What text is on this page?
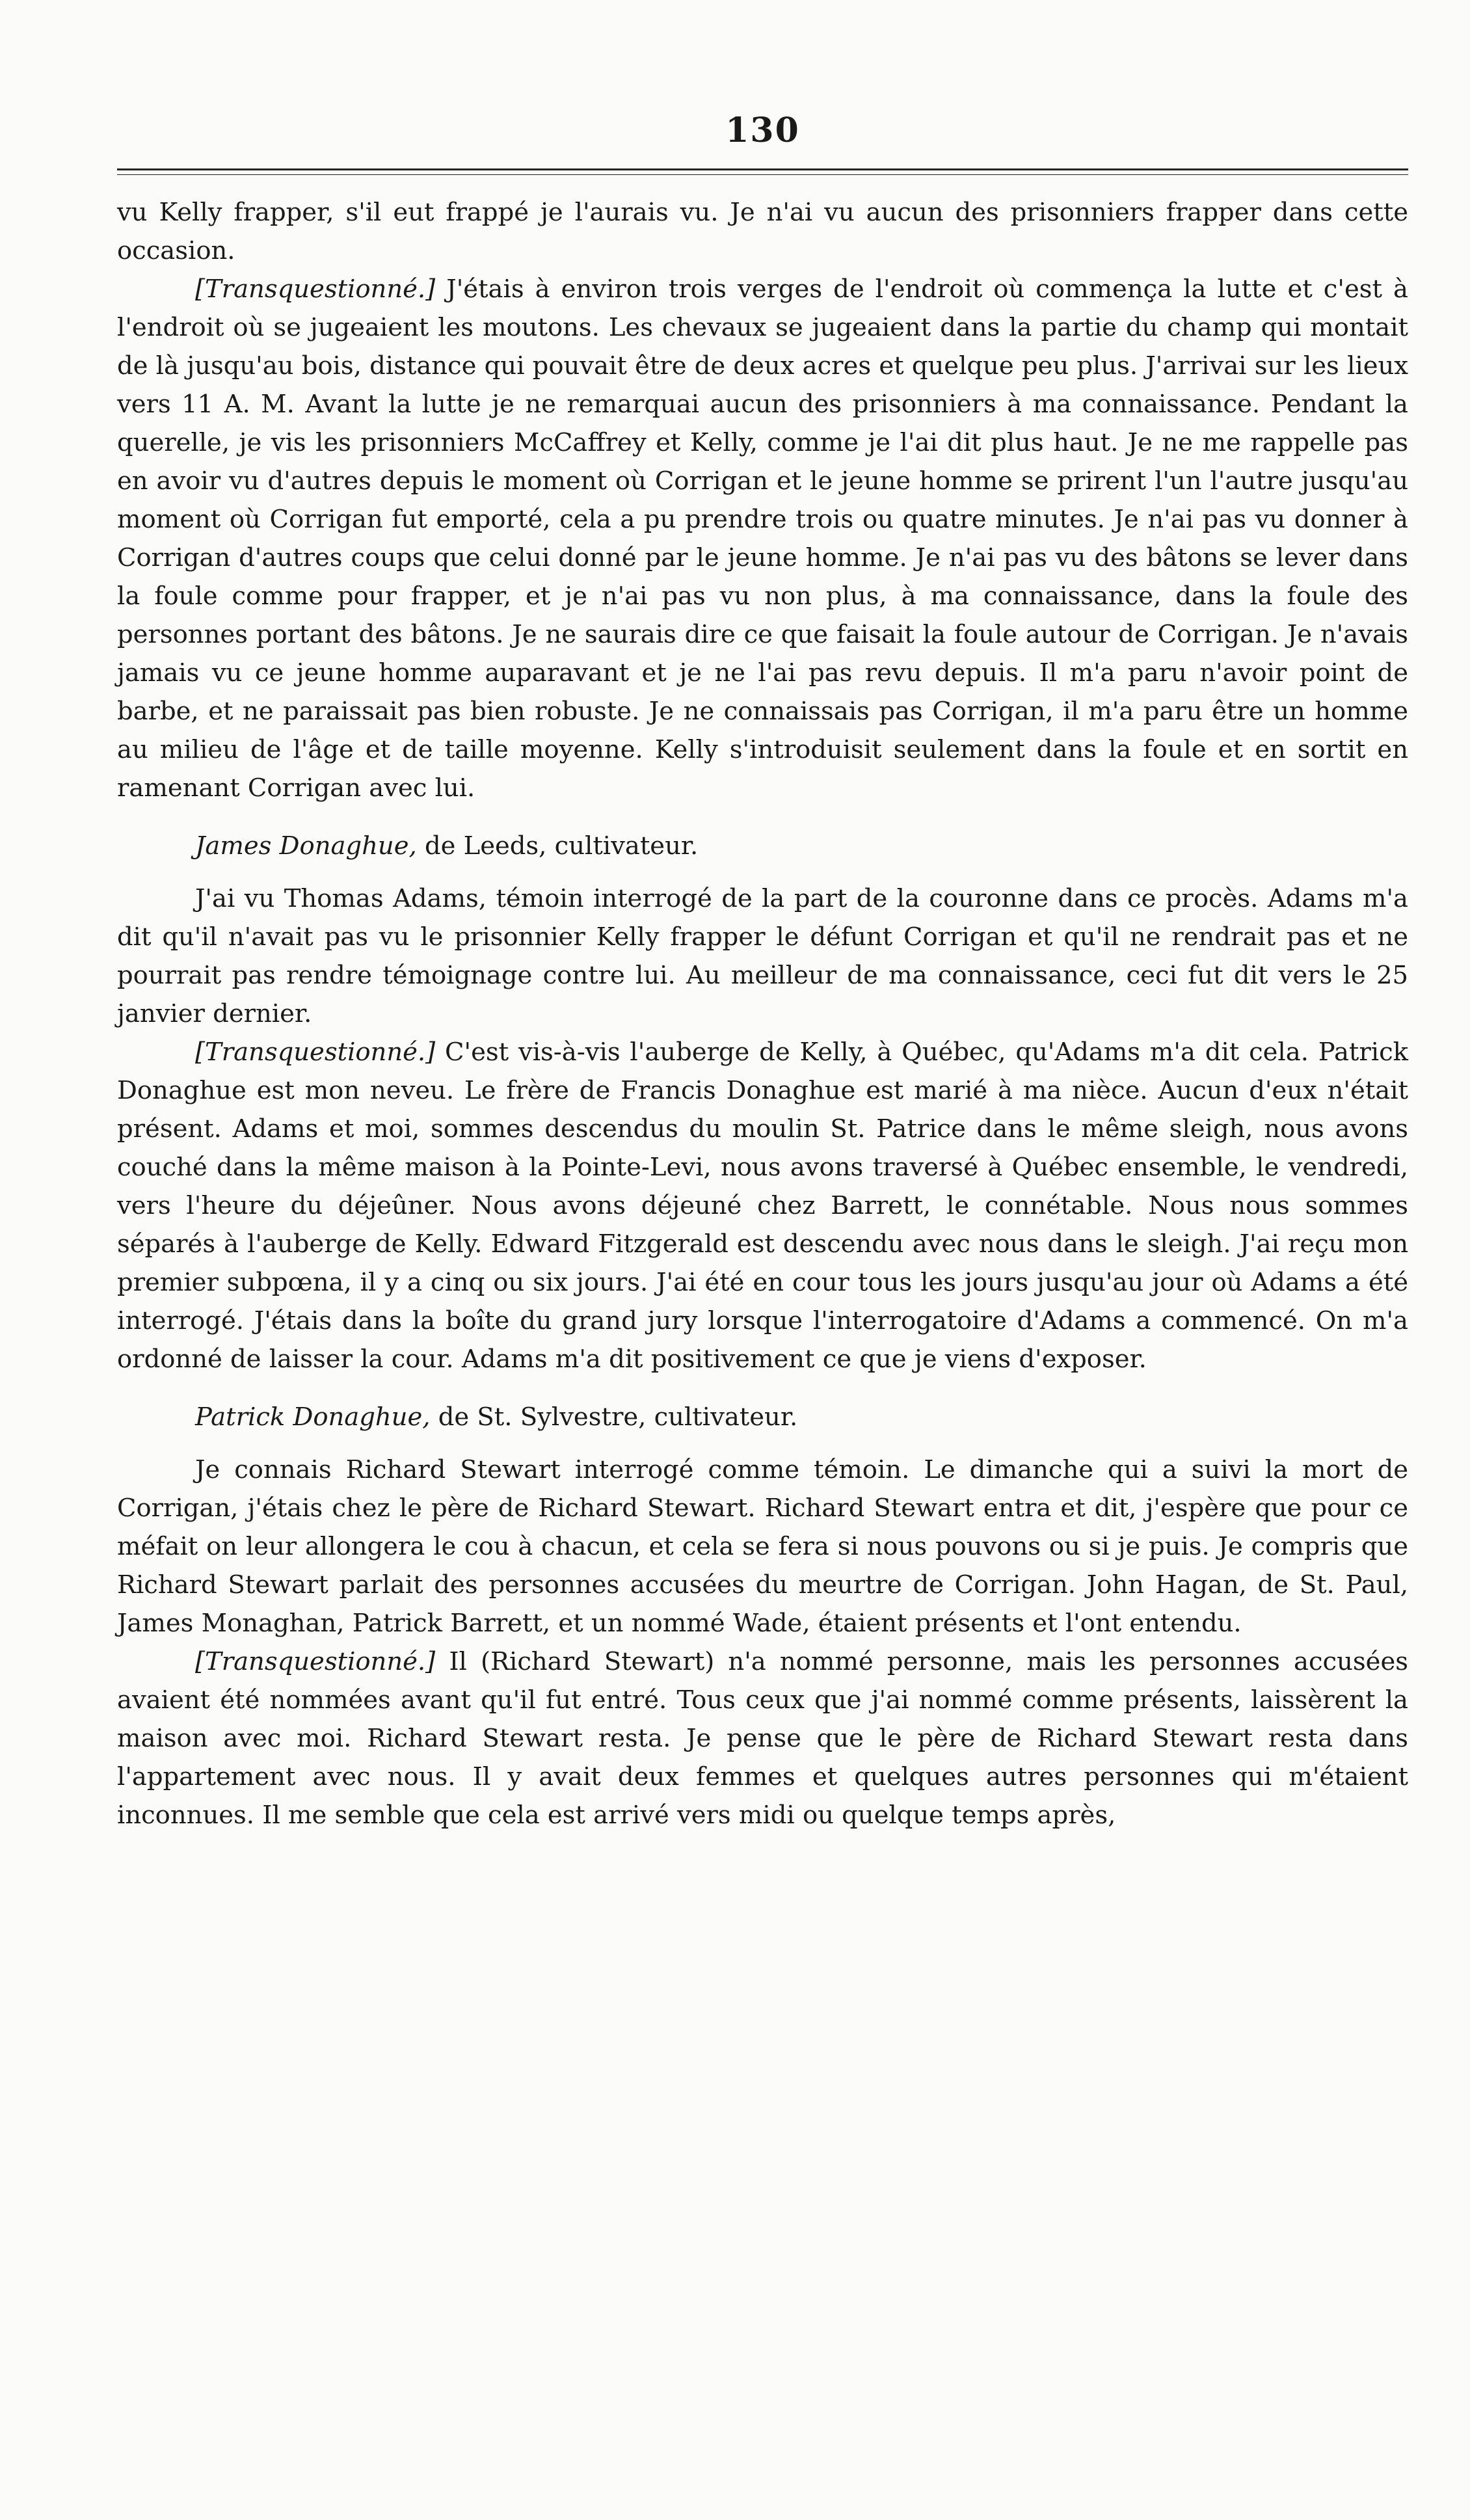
130

vu Kelly frapper, s'il eut frappé je l'aurais vu. Je n'ai vu aucun des prisonniers frapper dans cette occasion.

[Transquestionné.] J'étais à environ trois verges de l'endroit où commença la lutte et c'est à l'endroit où se jugeaient les moutons. Les chevaux se jugeaient dans la partie du champ qui montait de là jusqu'au bois, distance qui pouvait être de deux acres et quelque peu plus. J'arrivai sur les lieux vers 11 A. M. Avant la lutte je ne remarquai aucun des prisonniers à ma connaissance. Pendant la querelle, je vis les prisonniers McCaffrey et Kelly, comme je l'ai dit plus haut. Je ne me rappelle pas en avoir vu d'autres depuis le moment où Corrigan et le jeune homme se prirent l'un l'autre jusqu'au moment où Corrigan fut emporté, cela a pu prendre trois ou quatre minutes. Je n'ai pas vu donner à Corrigan d'autres coups que celui donné par le jeune homme. Je n'ai pas vu des bâtons se lever dans la foule comme pour frapper, et je n'ai pas vu non plus, à ma connaissance, dans la foule des personnes portant des bâtons. Je ne saurais dire ce que faisait la foule autour de Corrigan. Je n'avais jamais vu ce jeune homme auparavant et je ne l'ai pas revu depuis. Il m'a paru n'avoir point de barbe, et ne paraissait pas bien robuste. Je ne connaissais pas Corrigan, il m'a paru être un homme au milieu de l'âge et de taille moyenne. Kelly s'introduisit seulement dans la foule et en sortit en ramenant Corrigan avec lui.

James Donaghue, de Leeds, cultivateur.

J'ai vu Thomas Adams, témoin interrogé de la part de la couronne dans ce procès. Adams m'a dit qu'il n'avait pas vu le prisonnier Kelly frapper le défunt Corrigan et qu'il ne rendrait pas et ne pourrait pas rendre témoignage contre lui. Au meilleur de ma connaissance, ceci fut dit vers le 25 janvier dernier.

[Transquestionné.] C'est vis-à-vis l'auberge de Kelly, à Québec, qu'Adams m'a dit cela. Patrick Donaghue est mon neveu. Le frère de Francis Donaghue est marié à ma nièce. Aucun d'eux n'était présent. Adams et moi, sommes descendus du moulin St. Patrice dans le même sleigh, nous avons couché dans la même maison à la Pointe-Levi, nous avons traversé à Québec ensemble, le vendredi, vers l'heure du déjeûner. Nous avons déjeuné chez Barrett, le connétable. Nous nous sommes séparés à l'auberge de Kelly. Edward Fitzgerald est descendu avec nous dans le sleigh. J'ai reçu mon premier subpœna, il y a cinq ou six jours. J'ai été en cour tous les jours jusqu'au jour où Adams a été interrogé. J'étais dans la boîte du grand jury lorsque l'interrogatoire d'Adams a commencé. On m'a ordonné de laisser la cour. Adams m'a dit positivement ce que je viens d'exposer.

Patrick Donaghue, de St. Sylvestre, cultivateur.

Je connais Richard Stewart interrogé comme témoin. Le dimanche qui a suivi la mort de Corrigan, j'étais chez le père de Richard Stewart. Richard Stewart entra et dit, j'espère que pour ce méfait on leur allongera le cou à chacun, et cela se fera si nous pouvons ou si je puis. Je compris que Richard Stewart parlait des personnes accusées du meurtre de Corrigan. John Hagan, de St. Paul, James Monaghan, Patrick Barrett, et un nommé Wade, étaient présents et l'ont entendu.

[Transquestionné.] Il (Richard Stewart) n'a nommé personne, mais les personnes accusées avaient été nommées avant qu'il fut entré. Tous ceux que j'ai nommé comme présents, laissèrent la maison avec moi. Richard Stewart resta. Je pense que le père de Richard Stewart resta dans l'appartement avec nous. Il y avait deux femmes et quelques autres personnes qui m'étaient inconnues. Il me semble que cela est arrivé vers midi ou quelque temps après,
